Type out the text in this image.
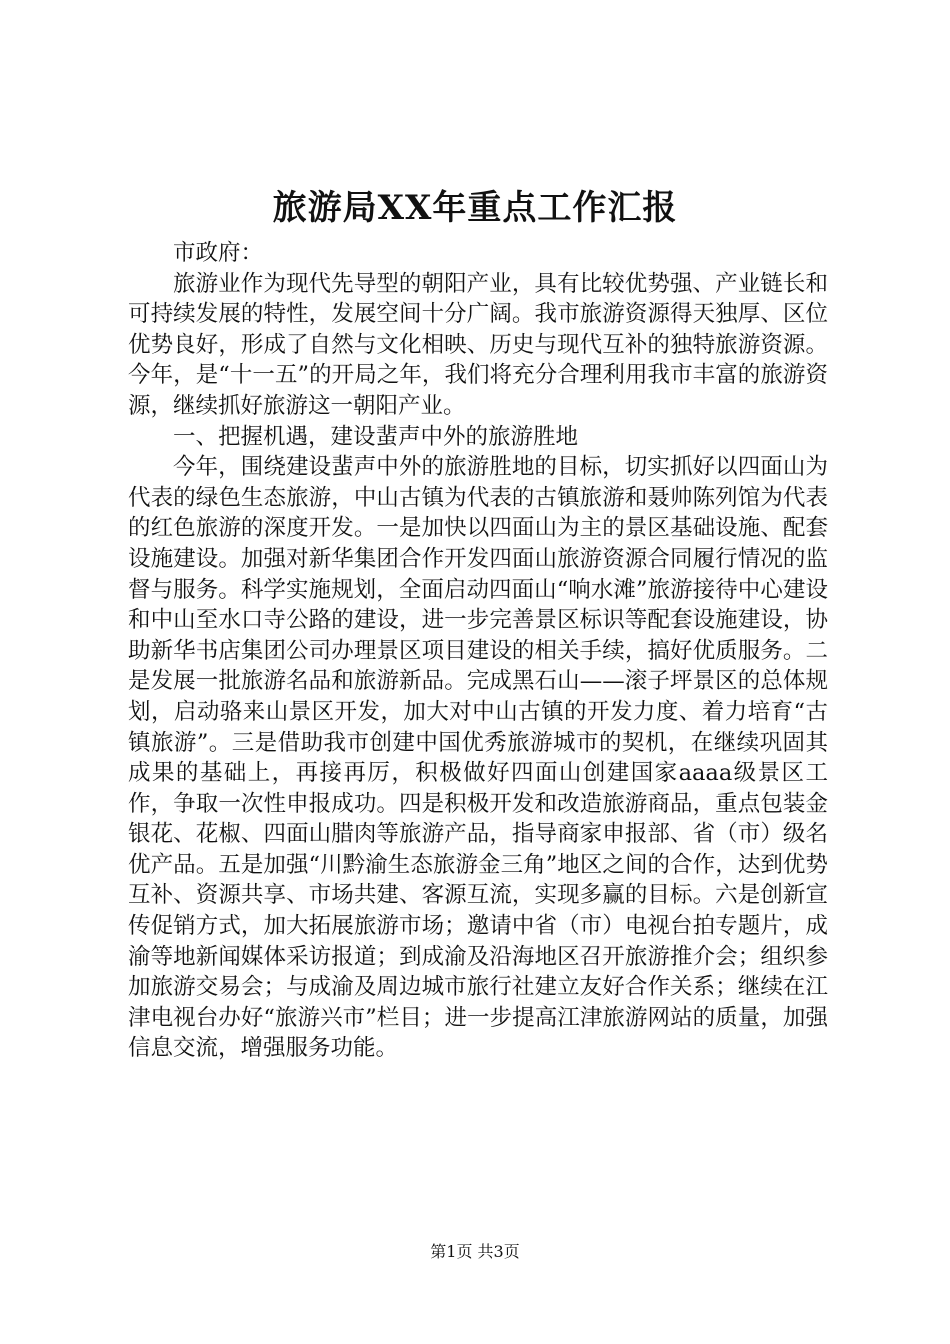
旅游局XX年重点工作汇报

市政府：

旅游业作为现代先导型的朝阳产业，具有比较优势强、产业链长和可持续发展的特性，发展空间十分广阔。我市旅游资源得天独厚、区位优势良好，形成了自然与文化相映、历史与现代互补的独特旅游资源。今年，是“十一五”的开局之年，我们将充分合理利用我市丰富的旅游资源，继续抓好旅游这一朝阳产业。

一、把握机遇，建设蜚声中外的旅游胜地

今年，围绕建设蜚声中外的旅游胜地的目标，切实抓好以四面山为代表的绿色生态旅游，中山古镇为代表的古镇旅游和聂帅陈列馆为代表的红色旅游的深度开发。一是加快以四面山为主的景区基础设施、配套设施建设。加强对新华集团合作开发四面山旅游资源合同履行情况的监督与服务。科学实施规划，全面启动四面山“响水滩”旅游接待中心建设和中山至水口寺公路的建设，进一步完善景区标识等配套设施建设，协助新华书店集团公司办理景区项目建设的相关手续，搞好优质服务。二是发展一批旅游名品和旅游新品。完成黑石山——滚子坪景区的总体规划，启动骆来山景区开发，加大对中山古镇的开发力度、着力培育“古镇旅游”。三是借助我市创建中国优秀旅游城市的契机，在继续巩固其成果的基础上，再接再厉，积极做好四面山创建国家aaaa级景区工作，争取一次性申报成功。四是积极开发和改造旅游商品，重点包装金银花、花椒、四面山腊肉等旅游产品，指导商家申报部、省（市）级名优产品。五是加强“川黔渝生态旅游金三角”地区之间的合作，达到优势互补、资源共享、市场共建、客源互流，实现多赢的目标。六是创新宣传促销方式，加大拓展旅游市场；邀请中省（市）电视台拍专题片，成渝等地新闻媒体采访报道；到成渝及沿海地区召开旅游推介会；组织参加旅游交易会；与成渝及周边城市旅行社建立友好合作关系；继续在江津电视台办好“旅游兴市”栏目；进一步提高江津旅游网站的质量，加强信息交流，增强服务功能。

第1页 共3页
